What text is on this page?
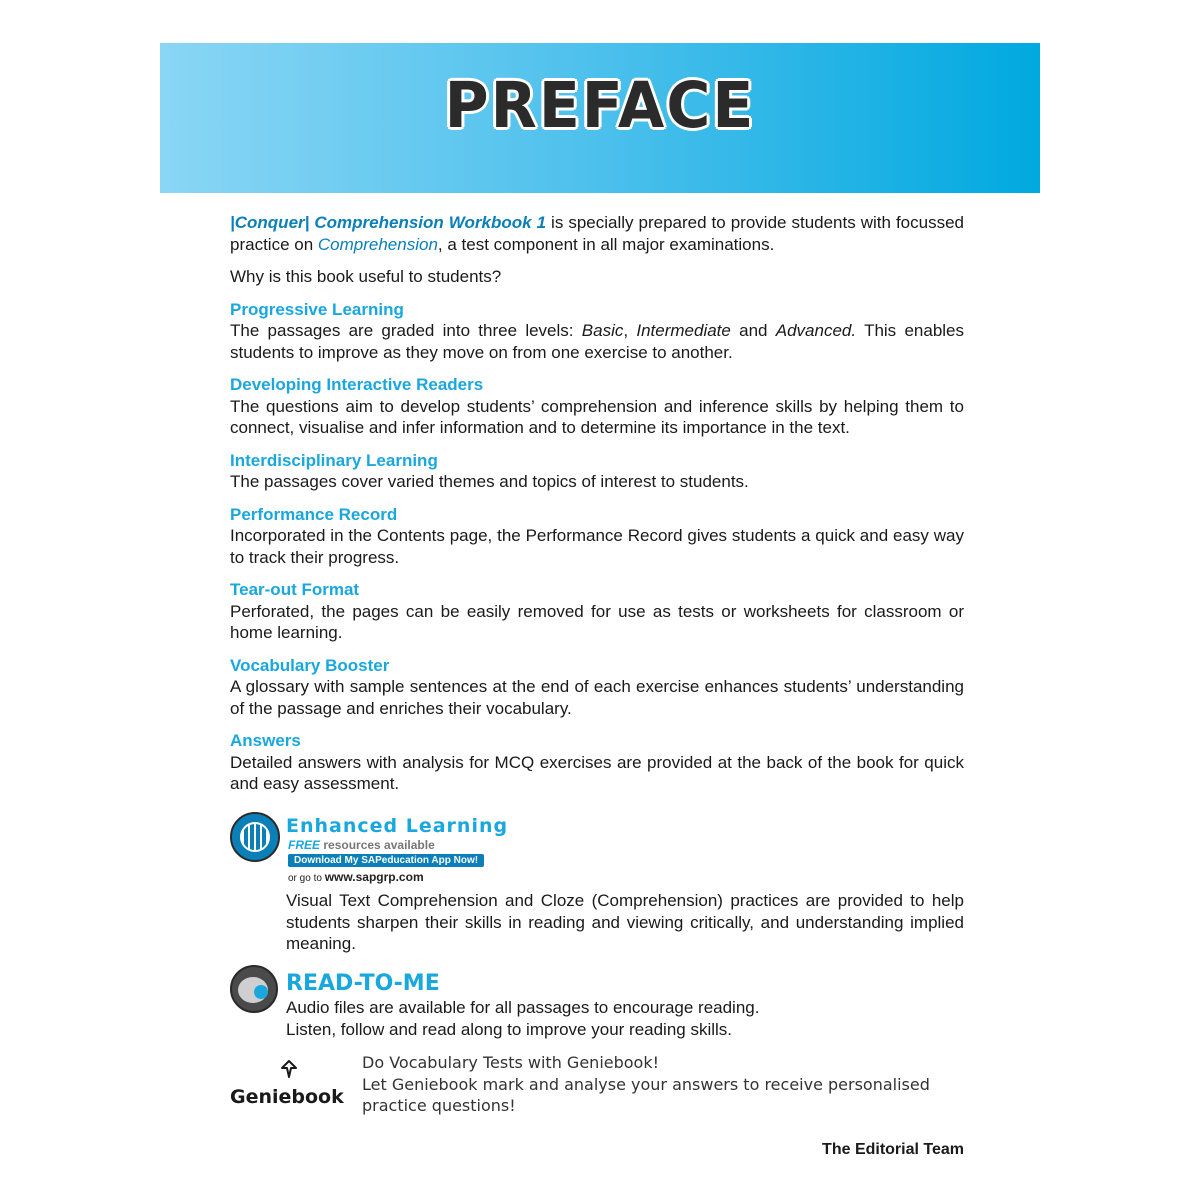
PREFACE

|Conquer| Comprehension Workbook 1 is specially prepared to provide students with focussed practice on Comprehension, a test component in all major examinations.

Why is this book useful to students?

Progressive Learning

The passages are graded into three levels: Basic, Intermediate and Advanced. This enables students to improve as they move on from one exercise to another.

Developing Interactive Readers

The questions aim to develop students’ comprehension and inference skills by helping them to connect, visualise and infer information and to determine its importance in the text.

Interdisciplinary Learning

The passages cover varied themes and topics of interest to students.

Performance Record

Incorporated in the Contents page, the Performance Record gives students a quick and easy way to track their progress.

Tear-out Format

Perforated, the pages can be easily removed for use as tests or worksheets for classroom or home learning.

Vocabulary Booster

A glossary with sample sentences at the end of each exercise enhances students’ understanding of the passage and enriches their vocabulary.

Answers

Detailed answers with analysis for MCQ exercises are provided at the back of the book for quick and easy assessment.

Enhanced Learning
FREE resources available
Download My SAPeducation App Now!
or go to www.sapgrp.com

Visual Text Comprehension and Cloze (Comprehension) practices are provided to help students sharpen their skills in reading and viewing critically, and understanding implied meaning.

READ-TO-ME
Audio files are available for all passages to encourage reading.
Listen, follow and read along to improve your reading skills.
Geniebook
Do Vocabulary Tests with Geniebook!
Let Geniebook mark and analyse your answers to receive personalised practice questions!
The Editorial Team
